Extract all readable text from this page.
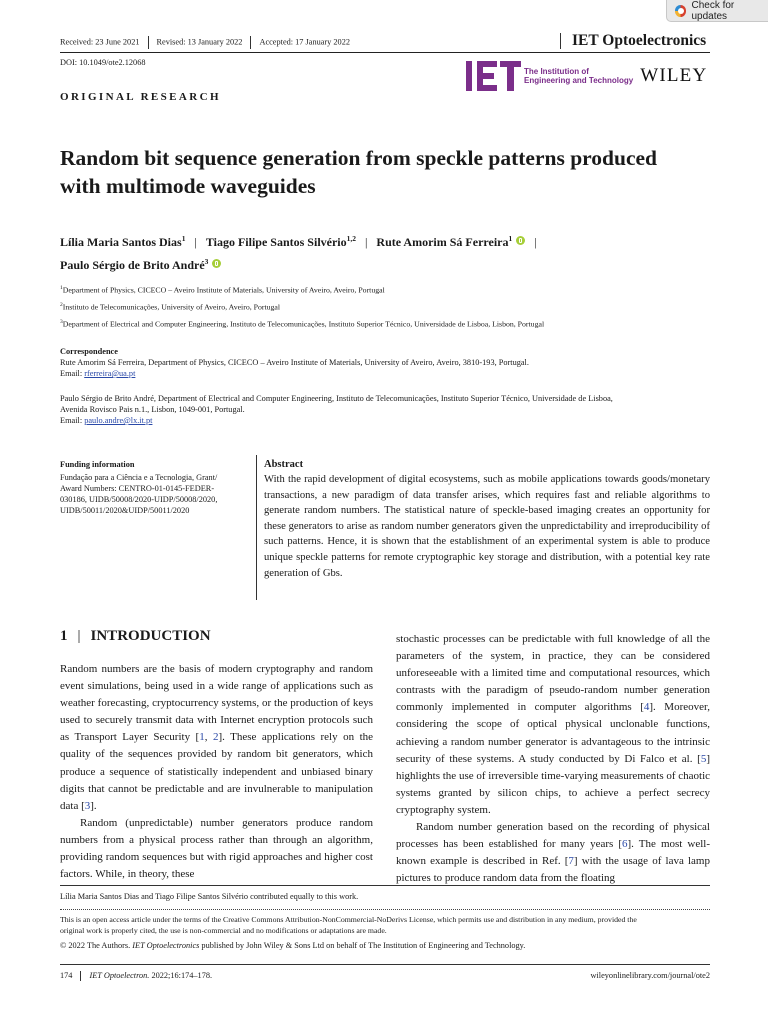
Check for updates
Received: 23 June 2021 Revised: 13 January 2022 Accepted: 17 January 2022	IET Optoelectronics
DOI: 10.1049/ote2.12068
ORIGINAL RESEARCH
The Institution of
Engineering and Technology WILEY
Random bit sequence generation from speckle patterns produced
with multimode waveguides
Lília Maria Santos Dias$^1$ | Tiago Filipe Santos Silvério$^{1,2}$ | Rute Amorim Sá Ferreira$^1$ |
Paulo Sérgio de Brito André$^3$
$^1$Department of Physics, CICECO – Aveiro Institute of Materials, University of Aveiro, Aveiro, Portugal
$^2$Instituto de Telecomunicações, University of Aveiro, Aveiro, Portugal
$^3$Department of Electrical and Computer Engineering, Instituto de Telecomunicações, Instituto Superior Técnico, Universidade de Lisboa, Lisbon, Portugal
Correspondence
Rute Amorim Sá Ferreira, Department of Physics, CICECO – Aveiro Institute of Materials, University of Aveiro, Aveiro, 3810-193, Portugal.
Email: rferreira@ua.pt
Paulo Sérgio de Brito André, Department of Electrical and Computer Engineering, Instituto de Telecomunicações, Instituto Superior Técnico, Universidade de Lisboa,
Avenida Rovisco Pais n.1., Lisbon, 1049-001, Portugal.
Email: paulo.andre@lx.it.pt
Funding information
Fundação para a Ciência e a Tecnologia, Grant/
Award Numbers: CENTRO-01-0145-FEDER-
030186, UIDB/50008/2020-UIDP/50008/2020,
UIDB/50011/2020&UIDP/50011/2020
Abstract
With the rapid development of digital ecosystems, such as mobile applications towards goods/monetary transactions, a new paradigm of data transfer arises, which requires fast and reliable algorithms to generate random numbers. The statistical nature of speckle-based imaging creates an opportunity for these generators to arise as random number generators given the unpredictability and irreproducibility of such patterns. Hence, it is shown that the establishment of an experimental system is able to produce unique speckle patterns for remote cryptographic key storage and distribution, with a potential key rate generation of Gbs.
1 | INTRODUCTION
Random numbers are the basis of modern cryptography and random event simulations, being used in a wide range of applications such as weather forecasting, cryptocurrency systems, or the production of keys used to securely transmit data with Internet encryption protocols such as Transport Layer Security [1, 2]. These applications rely on the quality of the sequences provided by random bit generators, which produce a sequence of statistically independent and unbiased binary digits that cannot be predictable and are invulnerable to manipulation data [3].
Random (unpredictable) number generators produce random numbers from a physical process rather than through an algorithm, providing random sequences but with rigid approaches and higher cost factors. While, in theory, these
stochastic processes can be predictable with full knowledge of all the parameters of the system, in practice, they can be considered unforeseeable with a limited time and computational resources, which contrasts with the paradigm of pseudo-random number generation commonly implemented in computer algorithms [4]. Moreover, considering the scope of optical physical unclonable functions, achieving a random number generator is advantageous to the intrinsic security of these systems. A study conducted by Di Falco et al. [5] highlights the use of irreversible time-varying measurements of chaotic systems granted by silicon chips, to achieve a perfect secrecy cryptography system.
Random number generation based on the recording of physical processes has been established for many years [6]. The most well-known example is described in Ref. [7] with the usage of lava lamp pictures to produce random data from the floating
Lília Maria Santos Dias and Tiago Filipe Santos Silvério contributed equally to this work.
This is an open access article under the terms of the Creative Commons Attribution-NonCommercial-NoDerivs License, which permits use and distribution in any medium, provided the
original work is properly cited, the use is non-commercial and no modifications or adaptations are made.
© 2022 The Authors. IET Optoelectronics published by John Wiley & Sons Ltd on behalf of The Institution of Engineering and Technology.
174 IET Optoelectron. 2022;16:174–178.	wileyonlinelibrary.com/journal/ote2
